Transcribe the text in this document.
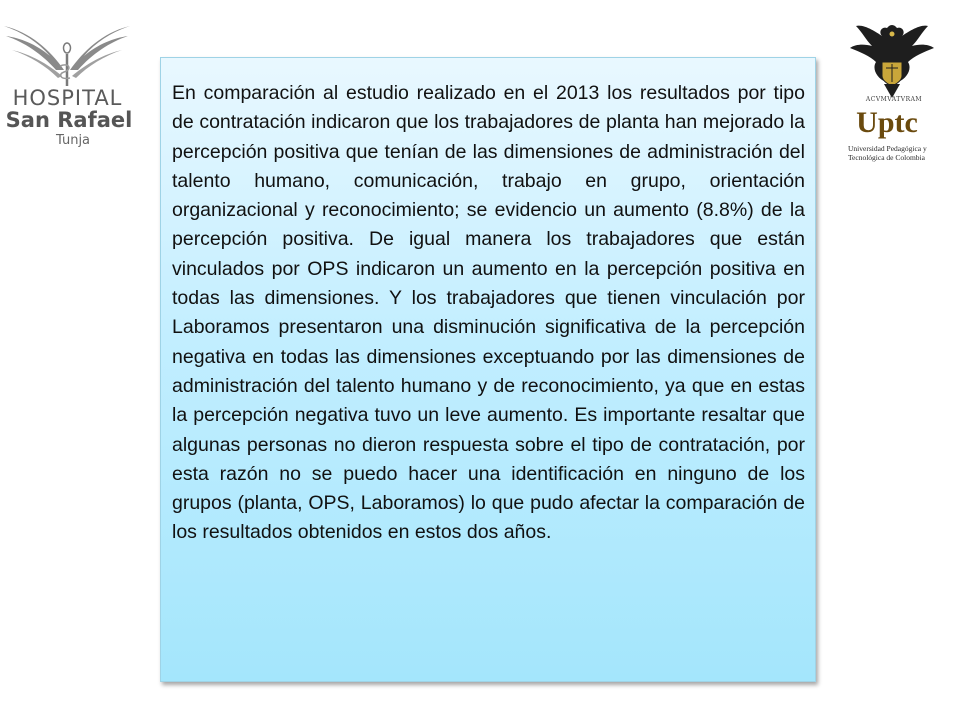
HOSPITAL
San Rafael
Tunja
ACVMVATVRAM
Uptc
Universidad Pedagógica y
Tecnológica de Colombia

En comparación al estudio realizado en el 2013 los resultados por tipo de contratación indicaron que los trabajadores de planta han mejorado la percepción positiva que tenían de las dimensiones de administración del talento humano, comunicación, trabajo en grupo, orientación organizacional y reconocimiento; se evidencio un aumento (8.8%) de la percepción positiva. De igual manera los trabajadores que están vinculados por OPS indicaron un aumento en la percepción positiva en todas las dimensiones. Y los trabajadores que tienen vinculación por Laboramos presentaron una disminución significativa de la percepción negativa en todas las dimensiones exceptuando por las dimensiones de administración del talento humano y de reconocimiento, ya que en estas la percepción negativa tuvo un leve aumento. Es importante resaltar que algunas personas no dieron respuesta sobre el tipo de contratación, por esta razón no se puedo hacer una identificación en ninguno de los grupos (planta, OPS, Laboramos) lo que pudo afectar la comparación de los resultados obtenidos en estos dos años.
